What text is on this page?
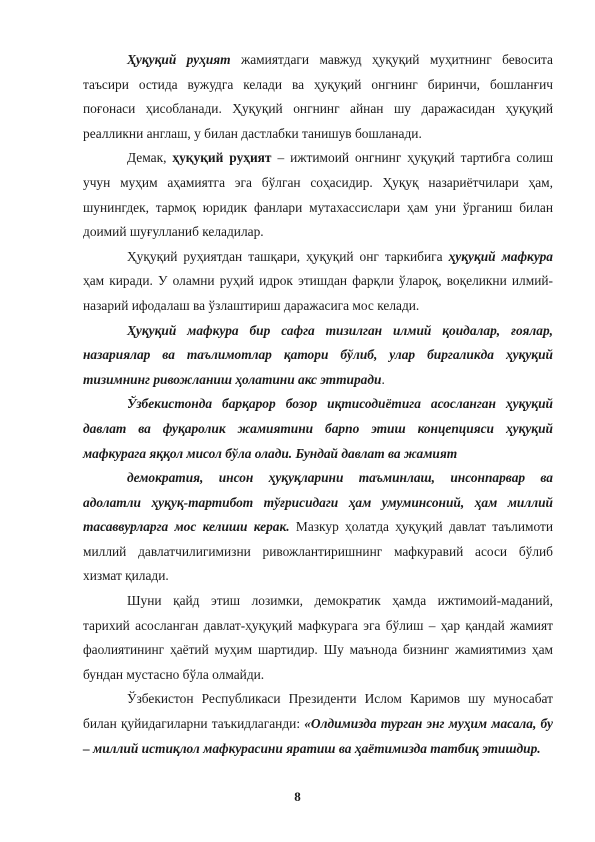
Ҳуқуқий руҳият жамиятдаги мавжуд ҳуқуқий муҳитнинг бевосита таъсири остида вужудга келади ва ҳуқуқий онгнинг биринчи, бошланғич поғонаси ҳисобланади. Ҳуқуқий онгнинг айнан шу даражасидан ҳуқуқий реалликни англаш, у билан дастлабки танишув бошланади.

Демак, ҳуқуқий руҳият – ижтимоий онгнинг ҳуқуқий тартибга солиш учун муҳим аҳамиятга эга бўлган соҳасидир. Ҳуқуқ назариётчилари ҳам, шунингдек, тармоқ юридик фанлари мутахассислари ҳам уни ўрганиш билан доимий шуғулланиб келадилар.

Ҳуқуқий руҳиятдан ташқари, ҳуқуқий онг таркибига ҳуқуқий мафкура ҳам киради. У оламни руҳий идрок этишдан фарқли ўлароқ, воқеликни илмий-назарий ифодалаш ва ўзлаштириш даражасига мос келади.

Ҳуқуқий мафкура бир сафга тизилган илмий қоидалар, ғоялар, назариялар ва таълимотлар қатори бўлиб, улар биргаликда ҳуқуқий тизимнинг ривожланиш ҳолатини акс эттиради.

Ўзбекистонда барқарор бозор иқтисодиётига асосланган ҳуқуқий давлат ва фуқаролик жамиятини барпо этиш концепцияси ҳуқуқий мафкурага яққол мисол бўла олади. Бундай давлат ва жамият

демократия, инсон ҳуқуқларини таъминлаш, инсонпарвар ва адолатли ҳуқуқ-тартибот тўғрисидаги ҳам умуминсоний, ҳам миллий тасаввурларга мос келиши керак. Мазкур ҳолатда ҳуқуқий давлат таълимоти миллий давлатчилигимизни ривожлантиришнинг мафкуравий асоси бўлиб хизмат қилади.

Шуни қайд этиш лозимки, демократик ҳамда ижтимоий-маданий, тарихий асосланган давлат-ҳуқуқий мафкурага эга бўлиш – ҳар қандай жамият фаолиятининг ҳаётий муҳим шартидир. Шу маънода бизнинг жамиятимиз ҳам бундан мустасно бўла олмайди.

Ўзбекистон Республикаси Президенти Ислом Каримов шу муносабат билан қуйидагиларни таъкидлаганди: «Олдимизда турган энг муҳим масала, бу – миллий истиқлол мафкурасини яратиш ва ҳаётимизда татбиқ этишдир.

8
